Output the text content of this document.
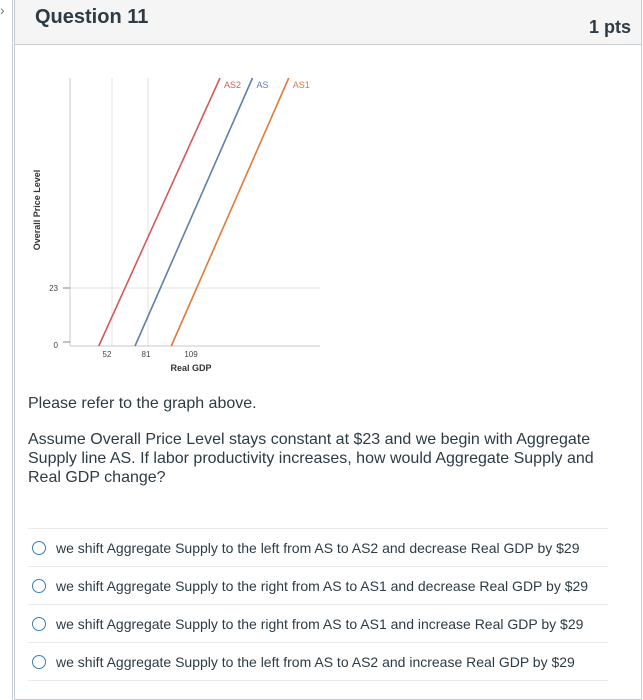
› Question 11	1 pts
Overall Price Level
Real GDP
0
23
52	81	109
AS2 AS	AS1

Please refer to the graph above.

Assume Overall Price Level stays constant at $23 and we begin with Aggregate Supply line AS. If labor productivity increases, how would Aggregate Supply and Real GDP change?

we shift Aggregate Supply to the left from AS to AS2 and decrease Real GDP by $29
we shift Aggregate Supply to the right from AS to AS1 and decrease Real GDP by $29
we shift Aggregate Supply to the right from AS to AS1 and increase Real GDP by $29
we shift Aggregate Supply to the left from AS to AS2 and increase Real GDP by $29
